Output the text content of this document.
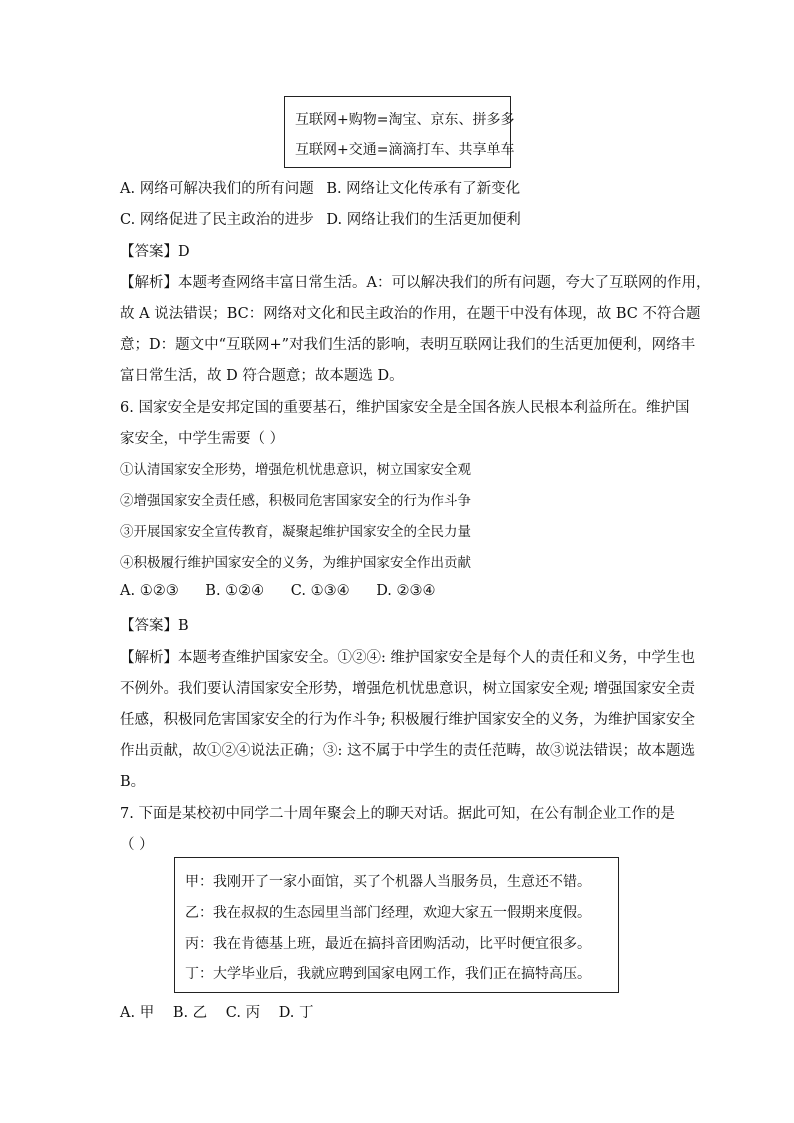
互联网+购物=淘宝、京东、拼多多
互联网+交通=滴滴打车、共享单车
A. 网络可解决我们的所有问题 B. 网络让文化传承有了新变化
C. 网络促进了民主政治的进步 D. 网络让我们的生活更加便利
【答案】D
【解析】本题考查网络丰富日常生活。A：可以解决我们的所有问题，夸大了互联网的作用，
故 A 说法错误；BC：网络对文化和民主政治的作用，在题干中没有体现，故 BC 不符合题
意；D：题文中“互联网+”对我们生活的影响，表明互联网让我们的生活更加便利，网络丰
富日常生活，故 D 符合题意；故本题选 D。
6. 国家安全是安邦定国的重要基石，维护国家安全是全国各族人民根本利益所在。维护国
家安全，中学生需要（ ）
①认清国家安全形势，增强危机忧患意识，树立国家安全观
②增强国家安全责任感，积极同危害国家安全的行为作斗争
③开展国家安全宣传教育，凝聚起维护国家安全的全民力量
④积极履行维护国家安全的义务，为维护国家安全作出贡献
A. ①②③ B. ①②④ C. ①③④ D. ②③④
【答案】B
【解析】本题考查维护国家安全。①②④: 维护国家安全是每个人的责任和义务，中学生也
不例外。我们要认清国家安全形势，增强危机忧患意识，树立国家安全观; 增强国家安全责
任感，积极同危害国家安全的行为作斗争; 积极履行维护国家安全的义务，为维护国家安全
作出贡献，故①②④说法正确；③: 这不属于中学生的责任范畴，故③说法错误；故本题选
B。
7. 下面是某校初中同学二十周年聚会上的聊天对话。据此可知，在公有制企业工作的是
（ ）
甲：我刚开了一家小面馆，买了个机器人当服务员，生意还不错。
乙：我在叔叔的生态园里当部门经理，欢迎大家五一假期来度假。
丙：我在肯德基上班，最近在搞抖音团购活动，比平时便宜很多。
丁：大学毕业后，我就应聘到国家电网工作，我们正在搞特高压。
A. 甲 B. 乙 C. 丙 D. 丁
